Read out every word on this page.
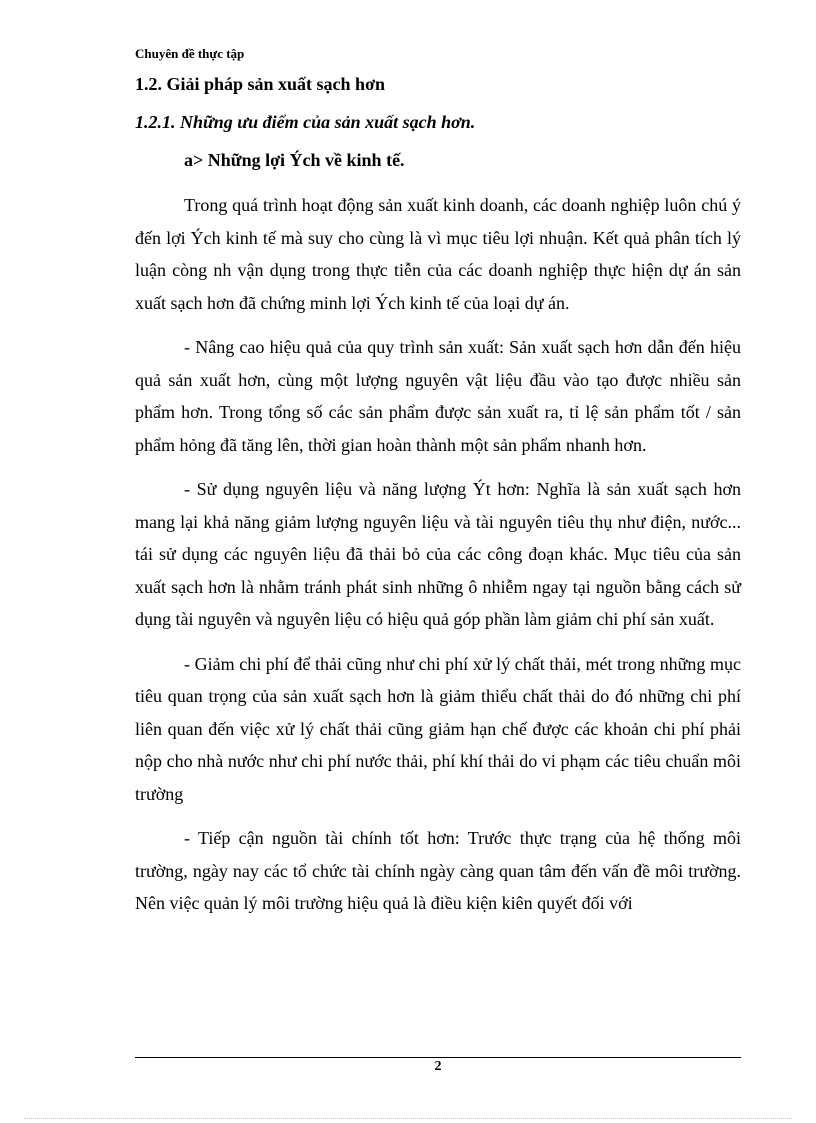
Chuyên đề thực tập
1.2. Giải pháp sản xuất sạch hơn
1.2.1. Những ưu điểm của sản xuất sạch hơn.
a> Những lợi Ých về kinh tế.

Trong quá trình hoạt động sản xuất kinh doanh, các doanh nghiệp luôn chú ý đến lợi Ých kinh tế mà suy cho cùng là vì mục tiêu lợi nhuận. Kết quả phân tích lý luận còng nh vận dụng trong thực tiễn của các doanh nghiệp thực hiện dự án sản xuất sạch hơn đã chứng minh lợi Ých kinh tế của loại dự án.

- Nâng cao hiệu quả của quy trình sản xuất: Sản xuất sạch hơn dẫn đến hiệu quả sản xuất hơn, cùng một lượng nguyên vật liệu đầu vào tạo được nhiều sản phẩm hơn. Trong tổng số các sản phẩm được sản xuất ra, tỉ lệ sản phẩm tốt / sản phẩm hỏng đã tăng lên, thời gian hoàn thành một sản phẩm nhanh hơn.

- Sử dụng nguyên liệu và năng lượng Ýt hơn: Nghĩa là sản xuất sạch hơn mang lại khả năng giảm lượng nguyên liệu và tài nguyên tiêu thụ như điện, nước... tái sử dụng các nguyên liệu đã thải bỏ của các công đoạn khác. Mục tiêu của sản xuất sạch hơn là nhằm tránh phát sinh những ô nhiễm ngay tại nguồn bằng cách sử dụng tài nguyên và nguyên liệu có hiệu quả góp phần làm giảm chi phí sản xuất.

- Giảm chi phí để thải cũng như chi phí xử lý chất thải, mét trong những mục tiêu quan trọng của sản xuất sạch hơn là giảm thiểu chất thải do đó những chi phí liên quan đến việc xử lý chất thải cũng giảm hạn chế được các khoản chi phí phải nộp cho nhà nước như chi phí nước thải, phí khí thải do vi phạm các tiêu chuẩn môi trường

- Tiếp cận nguồn tài chính tốt hơn: Trước thực trạng của hệ thống môi trường, ngày nay các tổ chức tài chính ngày càng quan tâm đến vấn đề môi trường. Nên việc quản lý môi trường hiệu quả là điều kiện kiên quyết đối với

2
